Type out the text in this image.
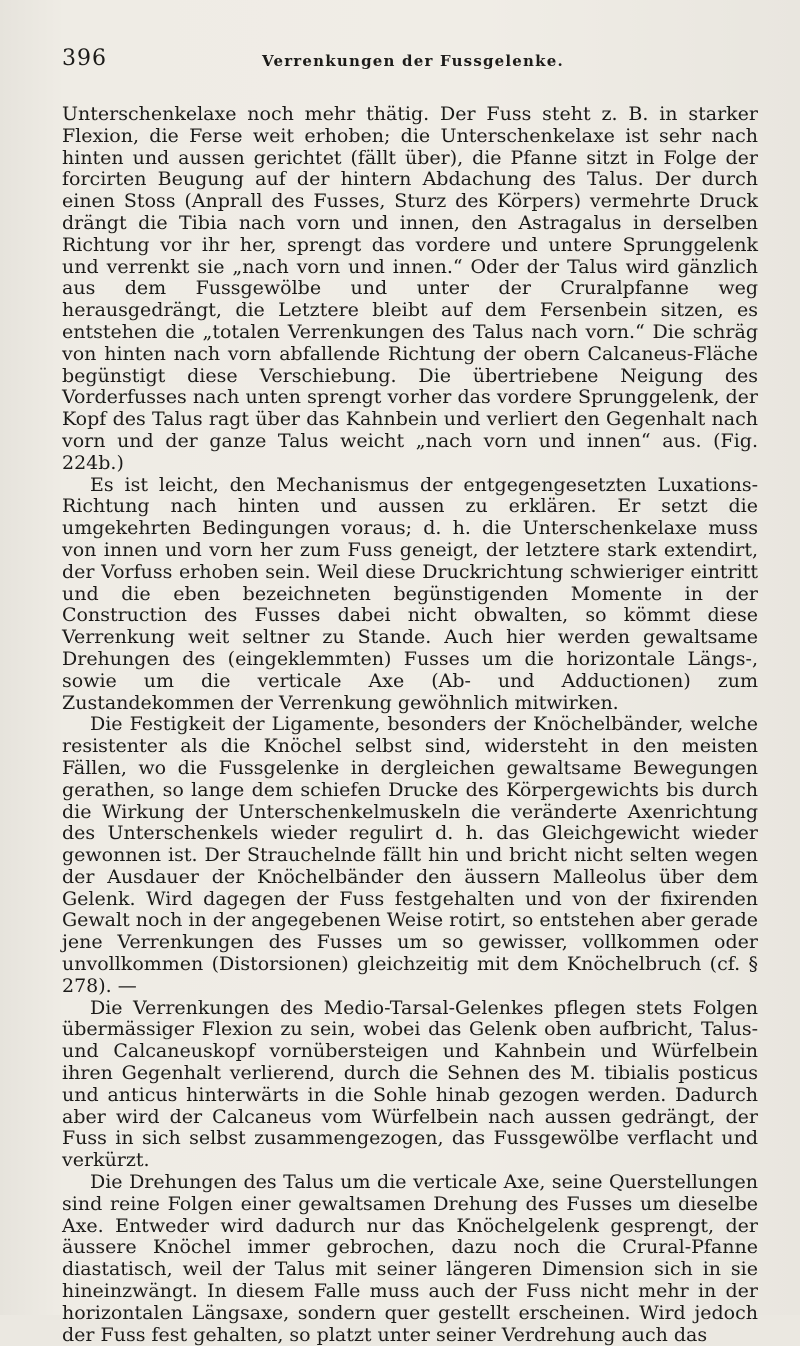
396	Verrenkungen der Fussgelenke.

Unterschenkelaxe noch mehr thätig. Der Fuss steht z. B. in starker Flexion, die Ferse weit erhoben; die Unterschenkelaxe ist sehr nach hinten und aussen gerichtet (fällt über), die Pfanne sitzt in Folge der forcirten Beugung auf der hintern Abdachung des Talus. Der durch einen Stoss (Anprall des Fusses, Sturz des Körpers) vermehrte Druck drängt die Tibia nach vorn und innen, den Astragalus in derselben Richtung vor ihr her, sprengt das vordere und untere Sprunggelenk und verrenkt sie „nach vorn und innen.“ Oder der Talus wird gänzlich aus dem Fussgewölbe und unter der Cruralpfanne weg herausgedrängt, die Letztere bleibt auf dem Fersenbein sitzen, es entstehen die „totalen Verrenkungen des Talus nach vorn.“ Die schräg von hinten nach vorn abfallende Richtung der obern Calcaneus-Fläche begünstigt diese Verschiebung. Die übertriebene Neigung des Vorderfusses nach unten sprengt vorher das vordere Sprunggelenk, der Kopf des Talus ragt über das Kahnbein und verliert den Gegenhalt nach vorn und der ganze Talus weicht „nach vorn und innen“ aus. (Fig. 224b.)

Es ist leicht, den Mechanismus der entgegengesetzten Luxations-Richtung nach hinten und aussen zu erklären. Er setzt die umgekehrten Bedingungen voraus; d. h. die Unterschenkelaxe muss von innen und vorn her zum Fuss geneigt, der letztere stark extendirt, der Vorfuss erhoben sein. Weil diese Druckrichtung schwieriger eintritt und die eben bezeichneten begünstigenden Momente in der Construction des Fusses dabei nicht obwalten, so kömmt diese Verrenkung weit seltner zu Stande. Auch hier werden gewaltsame Drehungen des (eingeklemmten) Fusses um die horizontale Längs-, sowie um die verticale Axe (Ab- und Adductionen) zum Zustandekommen der Verrenkung gewöhnlich mitwirken.

Die Festigkeit der Ligamente, besonders der Knöchelbänder, welche resistenter als die Knöchel selbst sind, widersteht in den meisten Fällen, wo die Fussgelenke in dergleichen gewaltsame Bewegungen gerathen, so lange dem schiefen Drucke des Körpergewichts bis durch die Wirkung der Unterschenkelmuskeln die veränderte Axenrichtung des Unterschenkels wieder regulirt d. h. das Gleichgewicht wieder gewonnen ist. Der Strauchelnde fällt hin und bricht nicht selten wegen der Ausdauer der Knöchelbänder den äussern Malleolus über dem Gelenk. Wird dagegen der Fuss festgehalten und von der fixirenden Gewalt noch in der angegebenen Weise rotirt, so entstehen aber gerade jene Verrenkungen des Fusses um so gewisser, vollkommen oder unvollkommen (Distorsionen) gleichzeitig mit dem Knöchelbruch (cf. § 278). —

Die Verrenkungen des Medio-Tarsal-Gelenkes pflegen stets Folgen übermässiger Flexion zu sein, wobei das Gelenk oben aufbricht, Talus- und Calcaneuskopf vornübersteigen und Kahnbein und Würfelbein ihren Gegenhalt verlierend, durch die Sehnen des M. tibialis posticus und anticus hinterwärts in die Sohle hinab gezogen werden. Dadurch aber wird der Calcaneus vom Würfelbein nach aussen gedrängt, der Fuss in sich selbst zusammengezogen, das Fussgewölbe verflacht und verkürzt.

Die Drehungen des Talus um die verticale Axe, seine Querstellungen sind reine Folgen einer gewaltsamen Drehung des Fusses um dieselbe Axe. Entweder wird dadurch nur das Knöchelgelenk gesprengt, der äussere Knöchel immer gebrochen, dazu noch die Crural-Pfanne diastatisch, weil der Talus mit seiner längeren Dimension sich in sie hineinzwängt. In diesem Falle muss auch der Fuss nicht mehr in der horizontalen Längsaxe, sondern quer gestellt erscheinen. Wird jedoch der Fuss fest gehalten, so platzt unter seiner Verdrehung auch das
